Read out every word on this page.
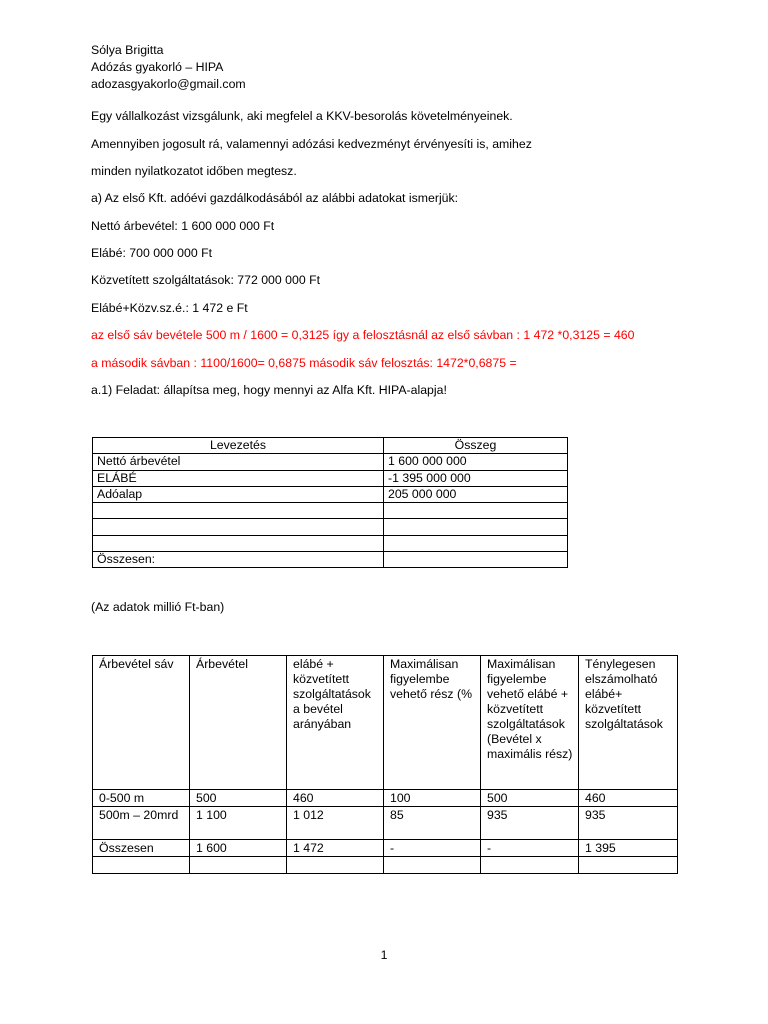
Sólya Brigitta
Adózás gyakorló – HIPA
adozasgyakorlo@gmail.com
Egy vállalkozást vizsgálunk, aki megfelel a KKV-besorolás követelményeinek.
Amennyiben jogosult rá, valamennyi adózási kedvezményt érvényesíti is, amihez
minden nyilatkozatot időben megtesz.
a) Az első Kft. adóévi gazdálkodásából az alábbi adatokat ismerjük:
Nettó árbevétel: 1 600 000 000 Ft
Elábé: 700 000 000 Ft
Közvetített szolgáltatások: 772 000 000 Ft
Elábé+Közv.sz.é.: 1 472 e Ft
az első sáv bevétele 500 m / 1600 = 0,3125 így a felosztásnál az első sávban : 1 472 *0,3125 = 460
a második sávban : 1100/1600= 0,6875 második sáv felosztás: 1472*0,6875 =
a.1) Feladat: állapítsa meg, hogy mennyi az Alfa Kft. HIPA-alapja!
Levezetés	Összeg
Nettó árbevétel	1 600 000 000
ELÁBÉ	-1 395 000 000
Adóalap	205 000 000

Összesen:	
(Az adatok millió Ft-ban)
Árbevétel sáv	Árbevétel	elábé + közvetített szolgáltatások a bevétel arányában	Maximálisan figyelembe vehető rész (%	Maximálisan figyelembe vehető elábé + közvetített szolgáltatások (Bevétel x maximális rész)	Ténylegesen elszámolható elábé+ közvetített szolgáltatások
0-500 m	500	460	100	500	460
500m – 20mrd	1 100	1 012	85	935	935
Összesen	1 600	1 472	-	-	1 395

1
